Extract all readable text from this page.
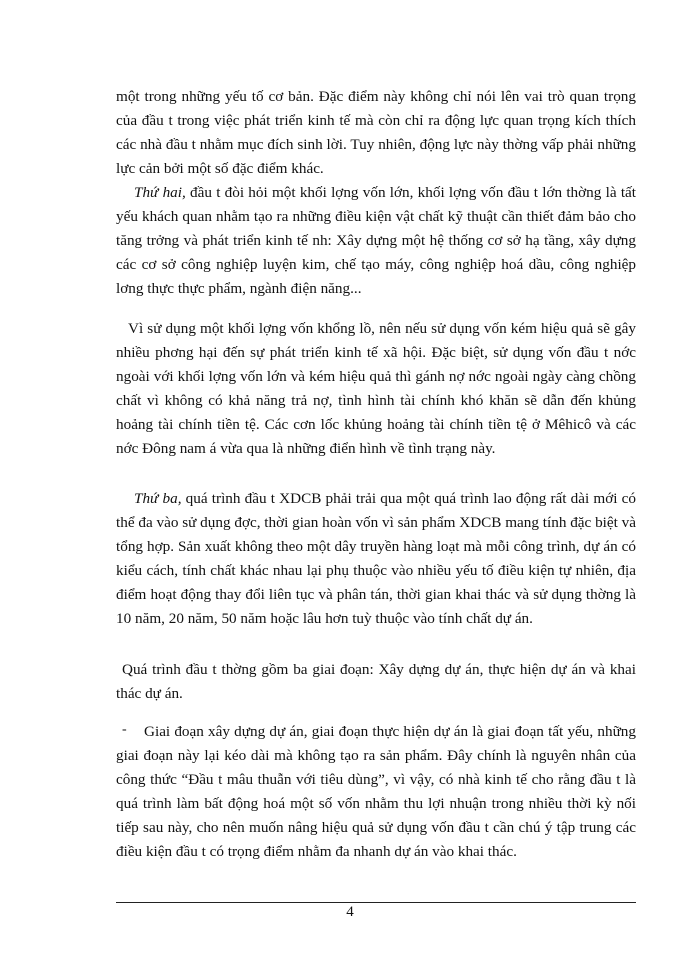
một trong những yếu tố cơ bản. Đặc điểm này không chỉ nói lên vai trò quan trọng của đầu t trong việc phát triển kinh tế mà còn chỉ ra động lực quan trọng kích thích các nhà đầu t nhằm mục đích sinh lời. Tuy nhiên, động lực này thờng vấp phải những lực cản bởi một số đặc điểm khác.

Thứ hai, đầu t đòi hỏi một khối lợng vốn lớn, khối lợng vốn đầu t lớn thờng là tất yếu khách quan nhằm tạo ra những điều kiện vật chất kỹ thuật cần thiết đảm bảo cho tăng trởng và phát triển kinh tế nh: Xây dựng một hệ thống cơ sở hạ tầng, xây dựng các cơ sở công nghiệp luyện kim, chế tạo máy, công nghiệp hoá dầu, công nghiệp lơng thực thực phẩm, ngành điện năng...

Vì sử dụng một khối lợng vốn khổng lồ, nên nếu sử dụng vốn kém hiệu quả sẽ gây nhiều phơng hại đến sự phát triển kinh tế xã hội. Đặc biệt, sử dụng vốn đầu t nớc ngoài với khối lợng vốn lớn và kém hiệu quả thì gánh nợ nớc ngoài ngày càng chồng chất vì không có khả năng trả nợ, tình hình tài chính khó khăn sẽ dẫn đến khủng hoảng tài chính tiền tệ. Các cơn lốc khủng hoảng tài chính tiền tệ ở Mêhicô và các nớc Đông nam á vừa qua là những điển hình về tình trạng này.

Thứ ba, quá trình đầu t XDCB phải trải qua một quá trình lao động rất dài mới có thể đa vào sử dụng đợc, thời gian hoàn vốn vì sản phẩm XDCB mang tính đặc biệt và tổng hợp. Sản xuất không theo một dây truyền hàng loạt mà mỗi công trình, dự án có kiểu cách, tính chất khác nhau lại phụ thuộc vào nhiều yếu tố điều kiện tự nhiên, địa điểm hoạt động thay đổi liên tục và phân tán, thời gian khai thác và sử dụng thờng là 10 năm, 20 năm, 50 năm hoặc lâu hơn tuỳ thuộc vào tính chất dự án.

Quá trình đầu t thờng gồm ba giai đoạn: Xây dựng dự án, thực hiện dự án và khai thác dự án.

-	Giai đoạn xây dựng dự án, giai đoạn thực hiện dự án là giai đoạn tất yếu, những giai đoạn này lại kéo dài mà không tạo ra sản phẩm. Đây chính là nguyên nhân của công thức “Đầu t mâu thuẫn với tiêu dùng”, vì vậy, có nhà kinh tế cho rằng đầu t là quá trình làm bất động hoá một số vốn nhằm thu lợi nhuận trong nhiều thời kỳ nối tiếp sau này, cho nên muốn nâng hiệu quả sử dụng vốn đầu t cần chú ý tập trung các điều kiện đầu t có trọng điểm nhằm đa nhanh dự án vào khai thác.

4
